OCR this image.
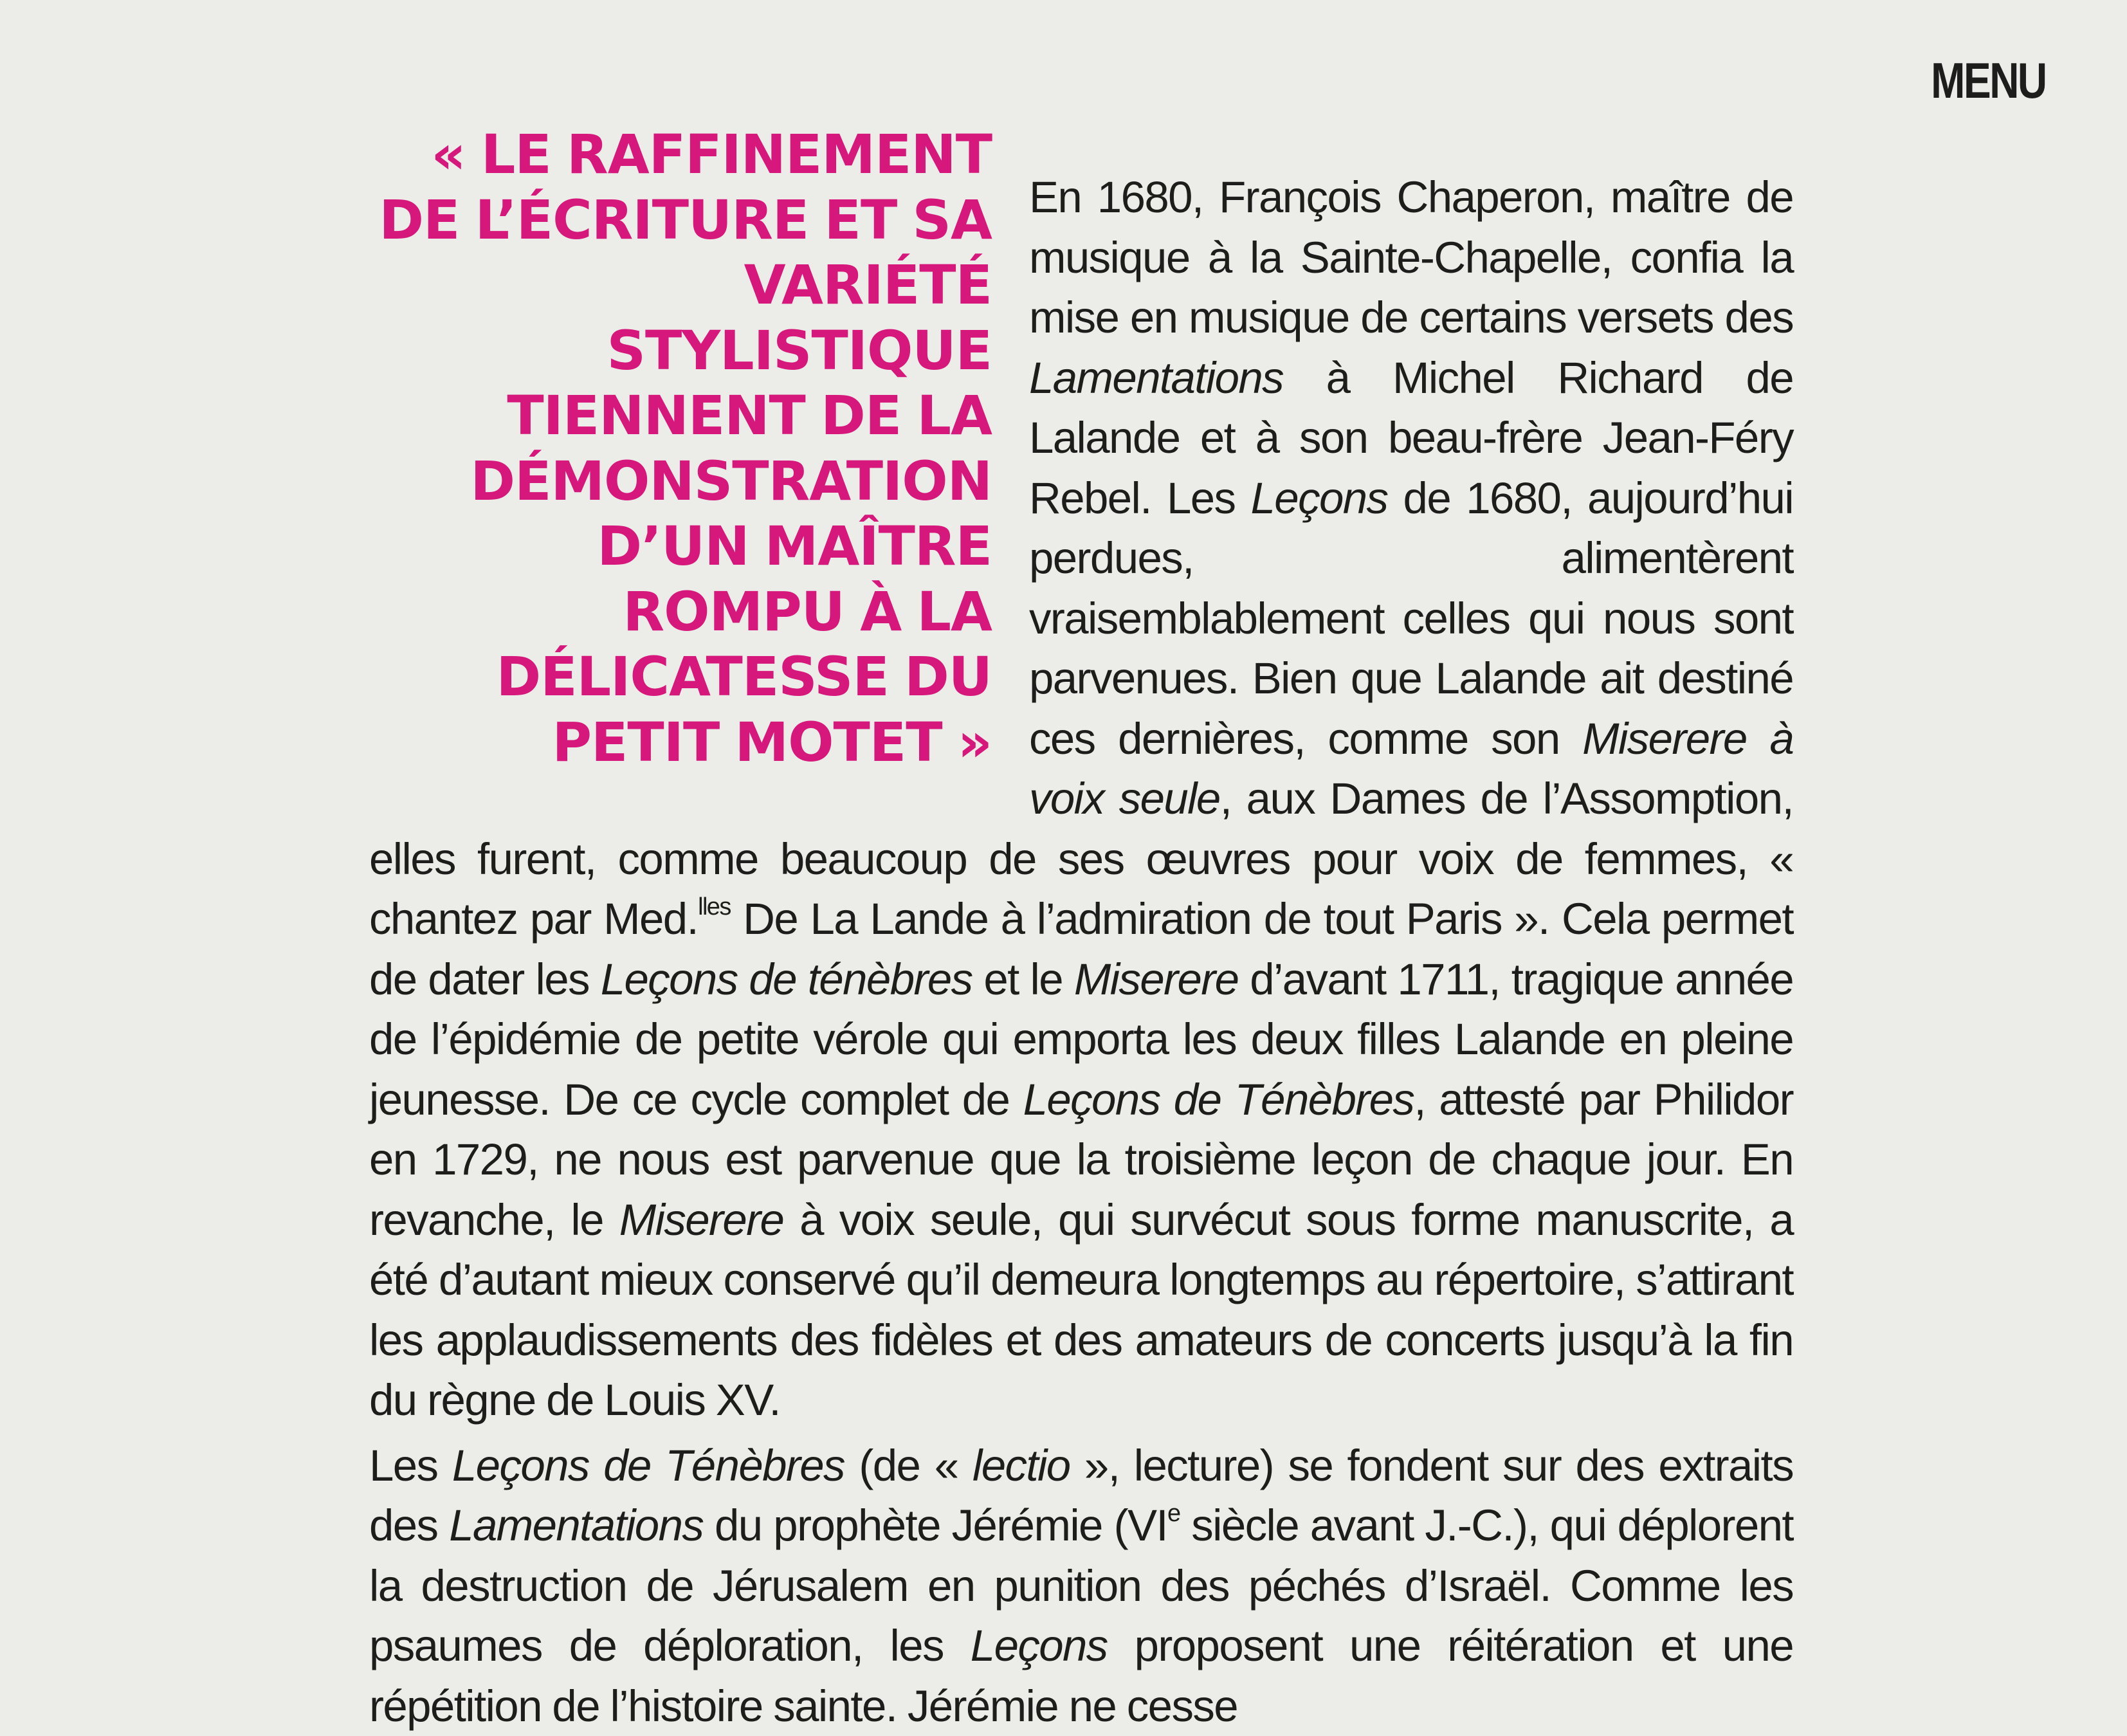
MENU
« LE RAFFINEMENT DE L’ÉCRITURE ET SA VARIÉTÉ STYLISTIQUE TIENNENT DE LA DÉMONSTRATION D’UN MAÎTRE ROMPU À LA DÉLICATESSE DU PETIT MOTET »

En 1680, François Chaperon, maître de musique à la Sainte-Chapelle, confia la mise en musique de certains versets des Lamentations à Michel Richard de Lalande et à son beau-frère Jean-Féry Rebel. Les Leçons de 1680, aujourd’hui perdues, alimentèrent vraisemblablement celles qui nous sont parvenues. Bien que Lalande ait destiné ces dernières, comme son Miserere à voix seule, aux Dames de l’Assomption, elles furent, comme beaucoup de ses œuvres pour voix de femmes, « chantez par Med.$^{lles}$ De La Lande à l’admiration de tout Paris ». Cela permet de dater les Leçons de ténèbres et le Miserere d’avant 1711, tragique année de l’épidémie de petite vérole qui emporta les deux filles Lalande en pleine jeunesse. De ce cycle complet de Leçons de Ténèbres, attesté par Philidor en 1729, ne nous est parvenue que la troisième leçon de chaque jour. En revanche, le Miserere à voix seule, qui survécut sous forme manuscrite, a été d’autant mieux conservé qu’il demeura longtemps au répertoire, s’attirant les applaudissements des fidèles et des amateurs de concerts jusqu’à la fin du règne de Louis XV.

Les Leçons de Ténèbres (de « lectio », lecture) se fondent sur des extraits des Lamentations du prophète Jérémie (VIe siècle avant J.-C.), qui déplorent la destruction de Jérusalem en punition des péchés d’Israël. Comme les psaumes de déploration, les Leçons proposent une réitération et une répétition de l’histoire sainte. Jérémie ne cesse
